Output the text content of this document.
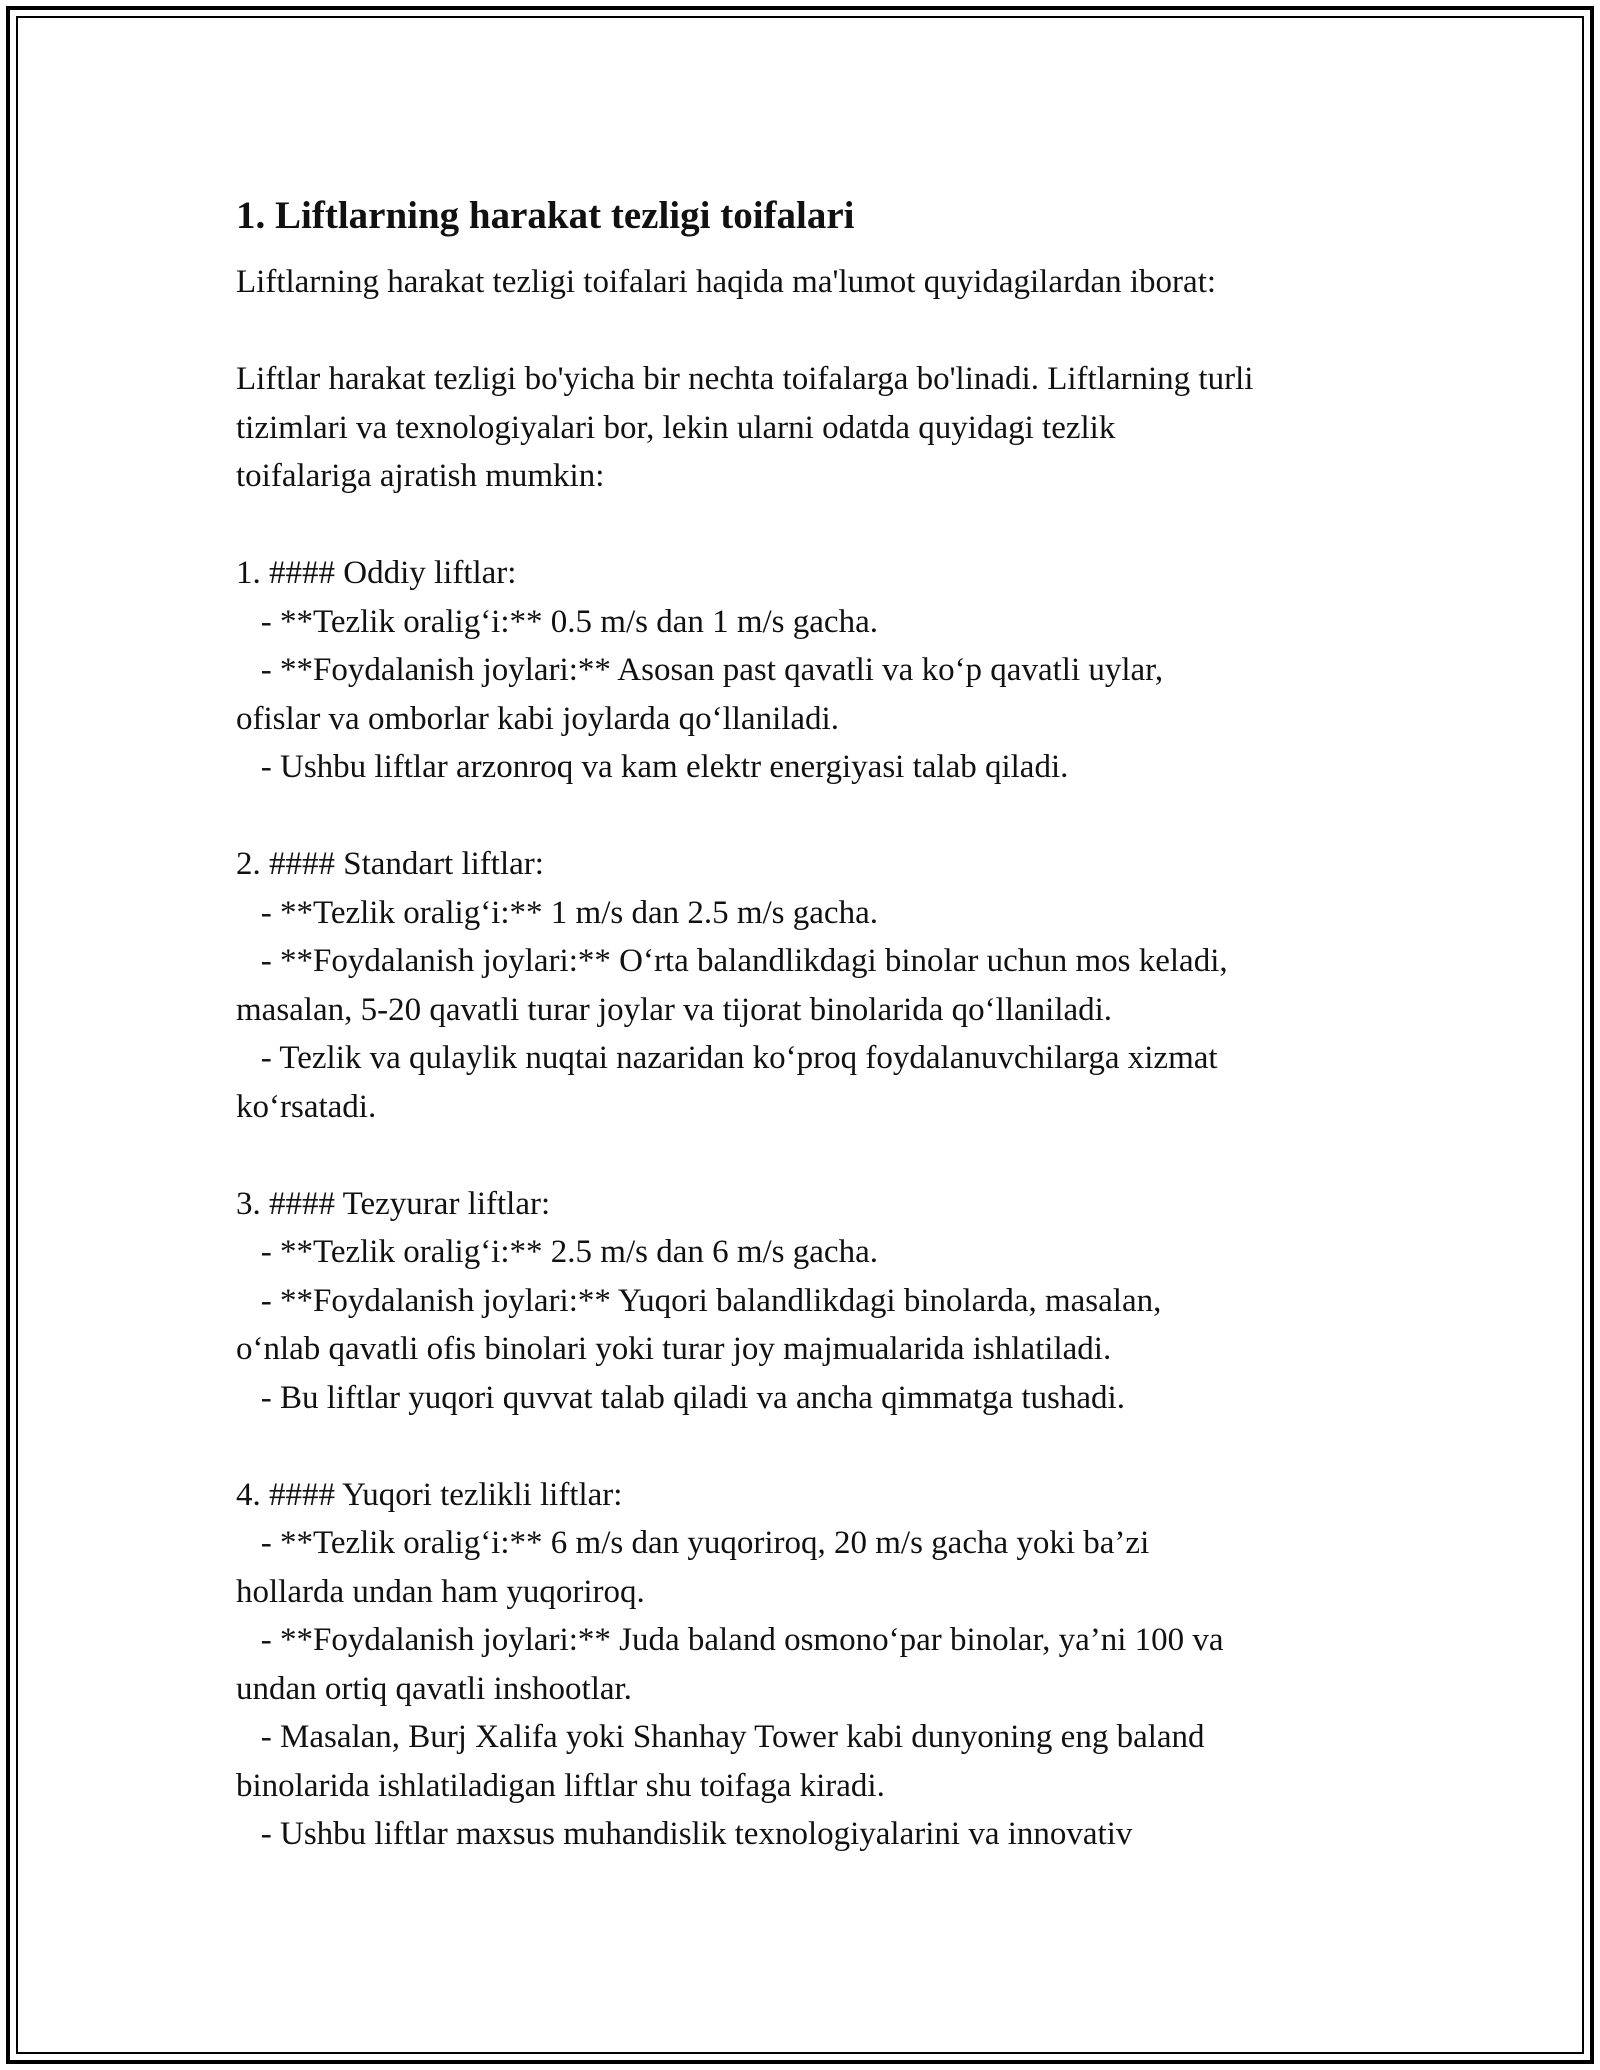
1. Liftlarning harakat tezligi toifalari

Liftlarning harakat tezligi toifalari haqida ma'lumot quyidagilardan iborat:

Liftlar harakat tezligi bo'yicha bir nechta toifalarga bo'linadi. Liftlarning turli
tizimlari va texnologiyalari bor, lekin ularni odatda quyidagi tezlik
toifalariga ajratish mumkin:

1. #### Oddiy liftlar:

- **Tezlik oralig‘i:** 0.5 m/s dan 1 m/s gacha.

- **Foydalanish joylari:** Asosan past qavatli va ko‘p qavatli uylar,
ofislar va omborlar kabi joylarda qo‘llaniladi.

- Ushbu liftlar arzonroq va kam elektr energiyasi talab qiladi.

2. #### Standart liftlar:

- **Tezlik oralig‘i:** 1 m/s dan 2.5 m/s gacha.

- **Foydalanish joylari:** O‘rta balandlikdagi binolar uchun mos keladi,
masalan, 5-20 qavatli turar joylar va tijorat binolarida qo‘llaniladi.

- Tezlik va qulaylik nuqtai nazaridan ko‘proq foydalanuvchilarga xizmat
ko‘rsatadi.

3. #### Tezyurar liftlar:

- **Tezlik oralig‘i:** 2.5 m/s dan 6 m/s gacha.

- **Foydalanish joylari:** Yuqori balandlikdagi binolarda, masalan,
o‘nlab qavatli ofis binolari yoki turar joy majmualarida ishlatiladi.

- Bu liftlar yuqori quvvat talab qiladi va ancha qimmatga tushadi.

4. #### Yuqori tezlikli liftlar:

- **Tezlik oralig‘i:** 6 m/s dan yuqoriroq, 20 m/s gacha yoki ba’zi
hollarda undan ham yuqoriroq.

- **Foydalanish joylari:** Juda baland osmono‘par binolar, ya’ni 100 va
undan ortiq qavatli inshootlar.

- Masalan, Burj Xalifa yoki Shanhay Tower kabi dunyoning eng baland
binolarida ishlatiladigan liftlar shu toifaga kiradi.

- Ushbu liftlar maxsus muhandislik texnologiyalarini va innovativ
